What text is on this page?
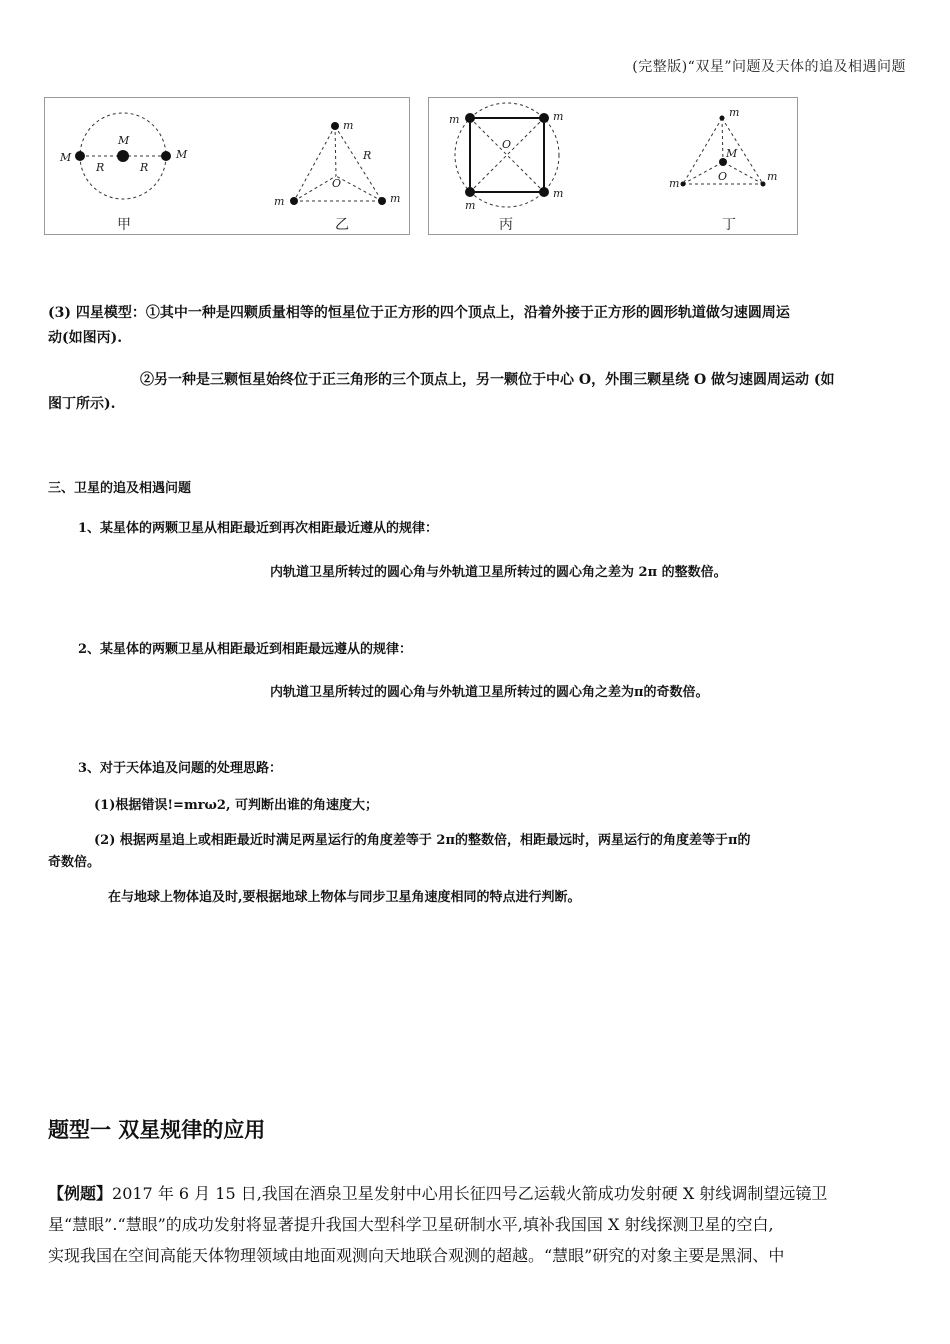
(完整版)“双星”问题及天体的追及相遇问题
M
M
M
R	R
m
m	m
R
O
甲	乙
m	m
m
m
O
m
m
m
M
O
丙	丁
(3) 四星模型：①其中一种是四颗质量相等的恒星位于正方形的四个顶点上，沿着外接于正方形的圆形轨道做匀速圆周运
动(如图丙).
②另一种是三颗恒星始终位于正三角形的三个顶点上，另一颗位于中心 O，外围三颗星绕 O 做匀速圆周运动 (如
图丁所示).
三、卫星的追及相遇问题
1、某星体的两颗卫星从相距最近到再次相距最近遵从的规律：
内轨道卫星所转过的圆心角与外轨道卫星所转过的圆心角之差为 2π 的整数倍。
2、某星体的两颗卫星从相距最近到相距最远遵从的规律：
内轨道卫星所转过的圆心角与外轨道卫星所转过的圆心角之差为π的奇数倍。
3、对于天体追及问题的处理思路：
(1)根据错误!=mrω2, 可判断出谁的角速度大；
(2) 根据两星追上或相距最近时满足两星运行的角度差等于 2π的整数倍，相距最远时，两星运行的角度差等于π的
奇数倍。
在与地球上物体追及时,要根据地球上物体与同步卫星角速度相同的特点进行判断。
题型一 双星规律的应用
【例题】2017 年 6 月 15 日,我国在酒泉卫星发射中心用长征四号乙运载火箭成功发射硬 X 射线调制望远镜卫
星“慧眼”.“慧眼”的成功发射将显著提升我国大型科学卫星研制水平,填补我国国 X 射线探测卫星的空白,
实现我国在空间高能天体物理领域由地面观测向天地联合观测的超越。“慧眼”研究的对象主要是黑洞、中
